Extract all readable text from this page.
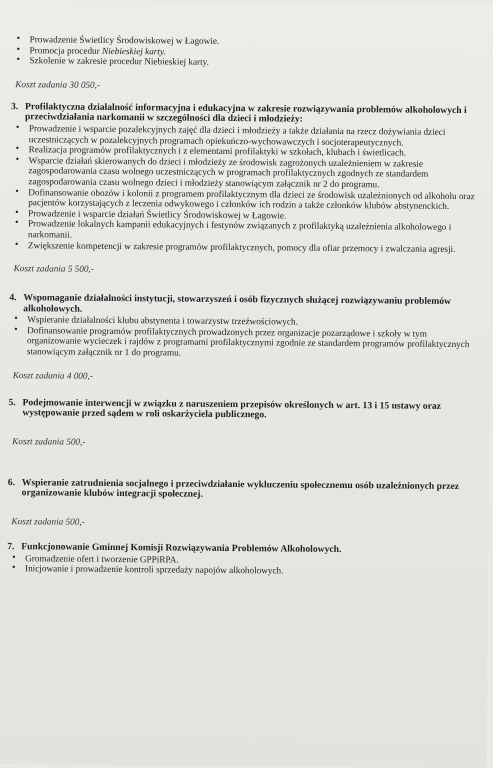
• Prowadzenie Świetlicy Środowiskowej w Łagowie.
• Promocja procedur Niebieskiej karty.
• Szkolenie w zakresie procedur Niebieskiej karty.
Koszt zadania 30 050,-
3. Profilaktyczna działalność informacyjna i edukacyjna w zakresie rozwiązywania problemów alkoholowych i przeciwdziałania narkomanii w szczególności dla dzieci i młodzieży:
• Prowadzenie i wsparcie pozalekcyjnych zajęć dla dzieci i młodzieży a także działania na rzecz dożywiania dzieci uczestniczących w pozalekcyjnych programach opiekuńczo-wychowawczych i socjoterapeutycznych.
• Realizacja programów profilaktycznych i z elementami profilaktyki w szkołach, klubach i świetlicach.
• Wsparcie działań skierowanych do dzieci i młodzieży ze środowisk zagrożonych uzależnieniem w zakresie zagospodarowania czasu wolnego uczestniczących w programach profilaktycznych zgodnych ze standardem zagospodarowania czasu wolnego dzieci i młodzieży stanowiącym załącznik nr 2 do programu.
• Dofinansowanie obozów i kolonii z programem profilaktycznym dla dzieci ze środowisk uzależnionych od alkoholu oraz pacjentów korzystających z leczenia odwykowego i członków ich rodzin a także członków klubów abstynenckich.
• Prowadzenie i wsparcie działań Świetlicy Środowiskowej w Łagowie.
• Prowadzenie lokalnych kampanii edukacyjnych i festynów związanych z profilaktyką uzależnienia alkoholowego i narkomanii.
• Zwiększenie kompetencji w zakresie programów profilaktycznych, pomocy dla ofiar przemocy i zwalczania agresji.
Koszt zadania 5 500,-
4. Wspomaganie działalności instytucji, stowarzyszeń i osób fizycznych służącej rozwiązywaniu problemów alkoholowych.
• Wspieranie działalności klubu abstynenta i towarzystw trzeźwościowych.
• Dofinansowanie programów profilaktycznych prowadzonych przez organizacje pozarządowe i szkoły w tym organizowanie wycieczek i rajdów z programami profilaktycznymi zgodnie ze standardem programów profilaktycznych stanowiącym załącznik nr 1 do programu.
Koszt zadania 4 000,-
5. Podejmowanie interwencji w związku z naruszeniem przepisów określonych w art. 13 i 15 ustawy oraz występowanie przed sądem w roli oskarżyciela publicznego.
Koszt zadania 500,-
6. Wspieranie zatrudnienia socjalnego i przeciwdziałanie wykluczeniu społecznemu osób uzależnionych przez organizowanie klubów integracji społecznej.
Koszt zadania 500,-
7. Funkcjonowanie Gminnej Komisji Rozwiązywania Problemów Alkoholowych.
• Gromadzenie ofert i tworzenie GPPiRPA.
• Inicjowanie i prowadzenie kontroli sprzedaży napojów alkoholowych.
